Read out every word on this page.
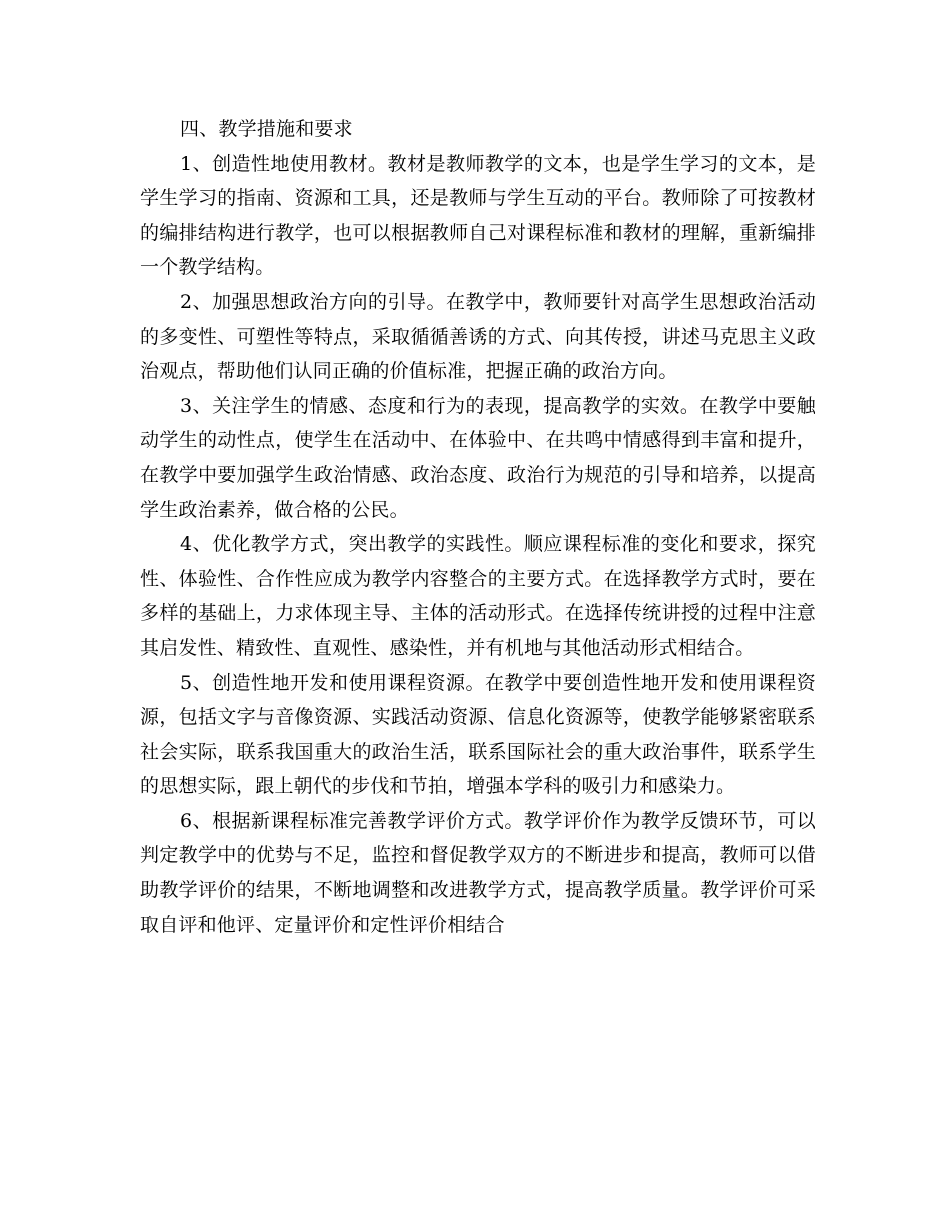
四、教学措施和要求

1、创造性地使用教材。教材是教师教学的文本，也是学生学习的文本，是学生学习的指南、资源和工具，还是教师与学生互动的平台。教师除了可按教材的编排结构进行教学，也可以根据教师自己对课程标准和教材的理解，重新编排一个教学结构。

2、加强思想政治方向的引导。在教学中，教师要针对高学生思想政治活动的多变性、可塑性等特点，采取循循善诱的方式、向其传授，讲述马克思主义政治观点，帮助他们认同正确的价值标准，把握正确的政治方向。

3、关注学生的情感、态度和行为的表现，提高教学的实效。在教学中要触动学生的动性点，使学生在活动中、在体验中、在共鸣中情感得到丰富和提升，在教学中要加强学生政治情感、政治态度、政治行为规范的引导和培养，以提高学生政治素养，做合格的公民。

4、优化教学方式，突出教学的实践性。顺应课程标准的变化和要求，探究性、体验性、合作性应成为教学内容整合的主要方式。在选择教学方式时，要在多样的基础上，力求体现主导、主体的活动形式。在选择传统讲授的过程中注意其启发性、精致性、直观性、感染性，并有机地与其他活动形式相结合。

5、创造性地开发和使用课程资源。在教学中要创造性地开发和使用课程资源，包括文字与音像资源、实践活动资源、信息化资源等，使教学能够紧密联系社会实际，联系我国重大的政治生活，联系国际社会的重大政治事件，联系学生的思想实际，跟上朝代的步伐和节拍，增强本学科的吸引力和感染力。

6、根据新课程标准完善教学评价方式。教学评价作为教学反馈环节，可以判定教学中的优势与不足，监控和督促教学双方的不断进步和提高，教师可以借助教学评价的结果，不断地调整和改进教学方式，提高教学质量。教学评价可采取自评和他评、定量评价和定性评价相结合
